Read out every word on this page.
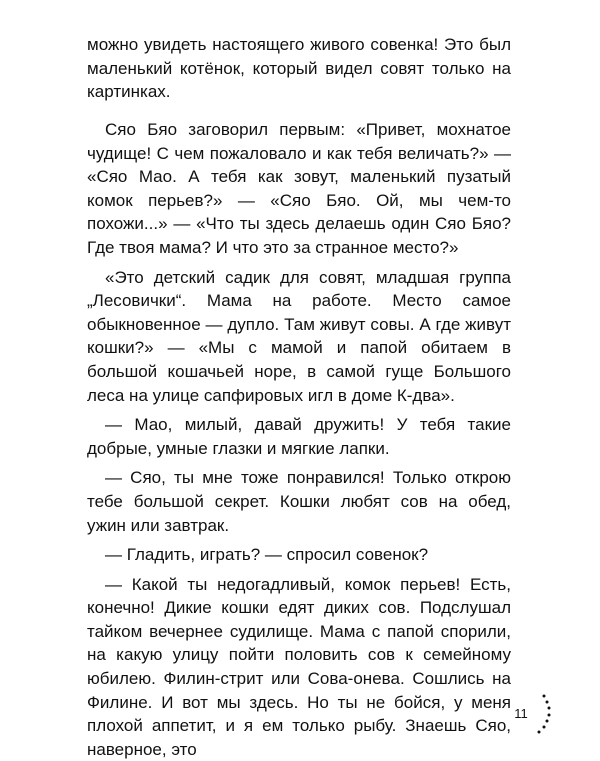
можно увидеть настоящего живого совенка! Это был маленький котёнок, который видел совят только на картинках.

Сяо Бяо заговорил первым: «Привет, мохнатое чудище! С чем пожаловало и как тебя величать?» — «Сяо Мао. А тебя как зовут, маленький пузатый комок перьев?» — «Сяо Бяо. Ой, мы чем-то похожи...» — «Что ты здесь делаешь один Сяо Бяо? Где твоя мама? И что это за странное место?»

«Это детский садик для совят, младшая группа „Лесовички“. Мама на работе. Место самое обыкновенное — дупло. Там живут совы. А где живут кошки?» — «Мы с мамой и папой обитаем в большой кошачьей норе, в самой гуще Большого леса на улице сапфировых игл в доме К-два».

— Мао, милый, давай дружить! У тебя такие добрые, умные глазки и мягкие лапки.

— Сяо, ты мне тоже понравился! Только открою тебе большой секрет. Кошки любят сов на обед, ужин или завтрак.

— Гладить, играть? — спросил совенок?

— Какой ты недогадливый, комок перьев! Есть, конечно! Дикие кошки едят диких сов. Подслушал тайком вечернее судилище. Мама с папой спорили, на какую улицу пойти половить сов к семейному юбилею. Филин-стрит или Сова-онева. Сошлись на Филине. И вот мы здесь. Но ты не бойся, у меня плохой аппетит, и я ем только рыбу. Знаешь Сяо, наверное, это

11
